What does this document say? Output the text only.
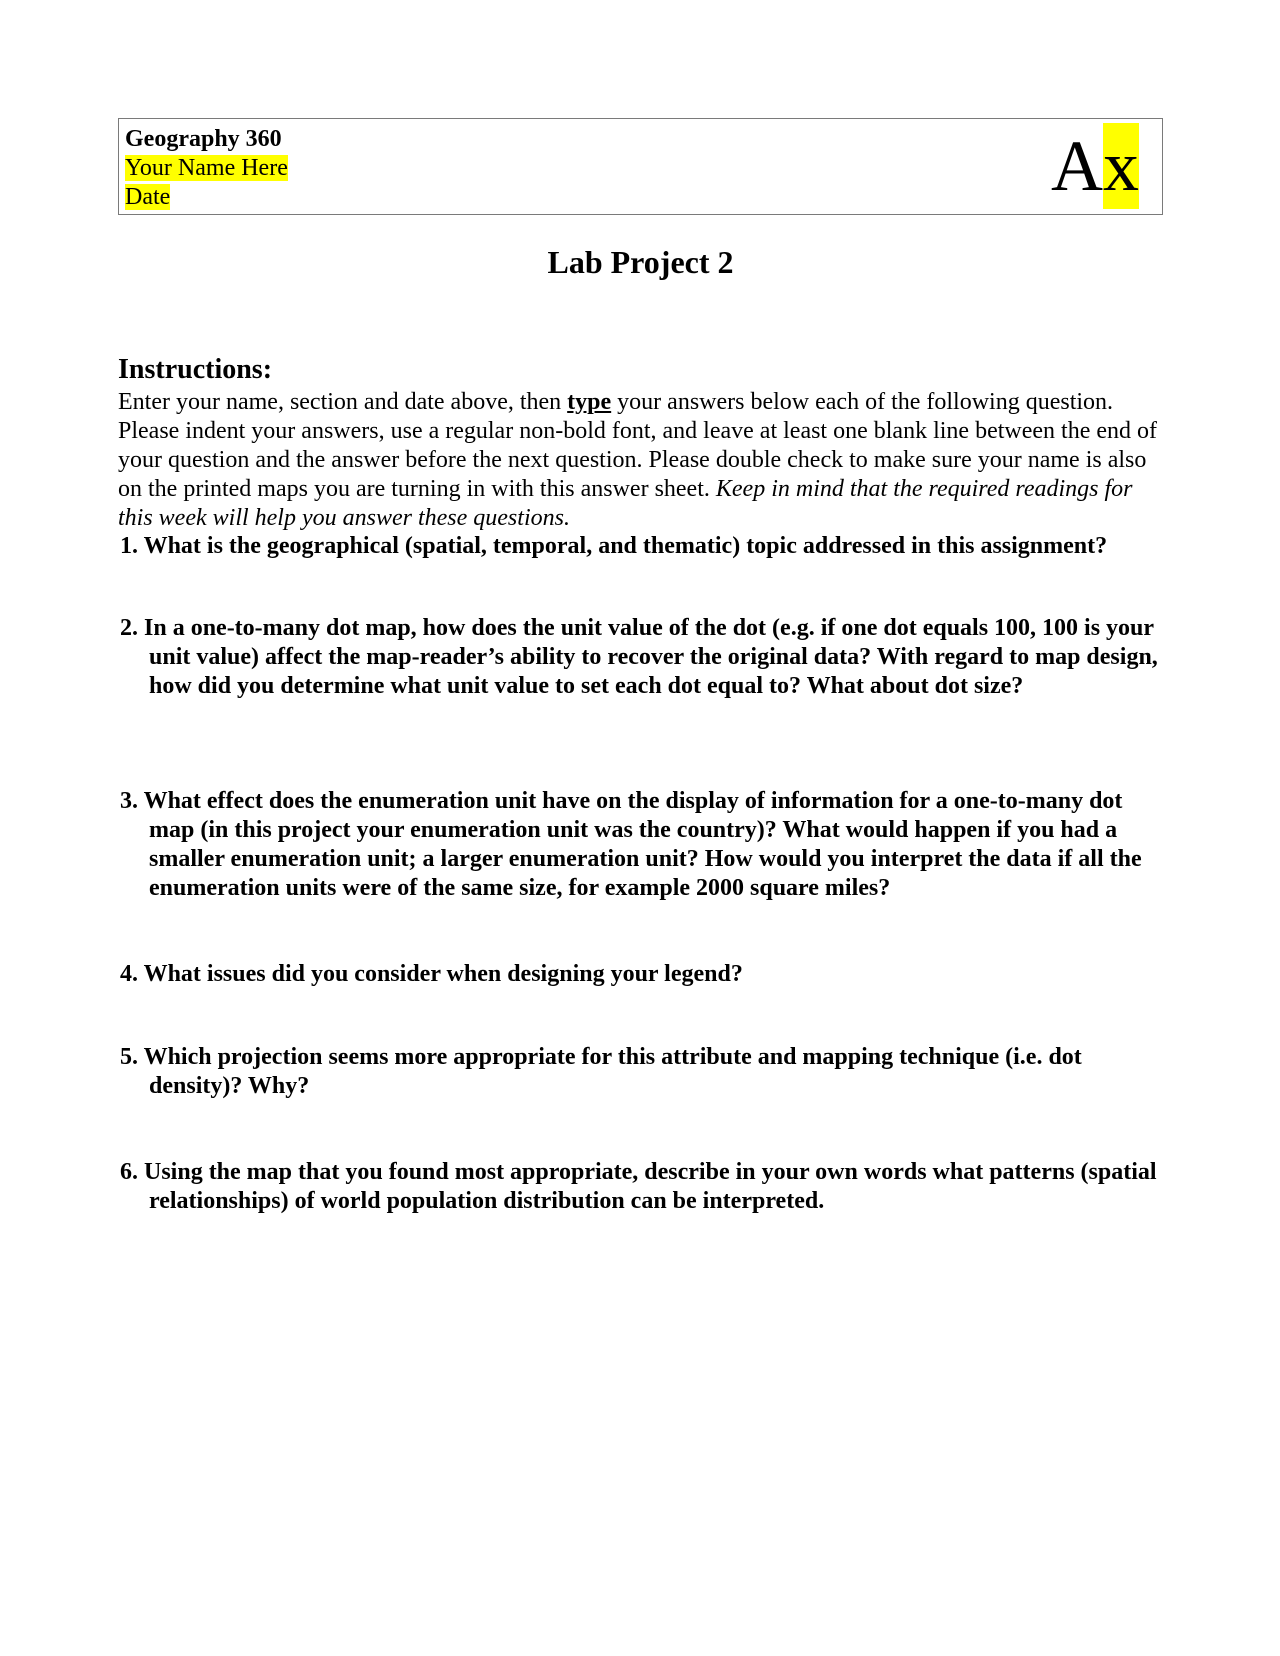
Geography 360
Your Name Here
Date	Ax
Lab Project 2
Instructions:
Enter your name, section and date above, then type your answers below each of the following question. Please indent your answers, use a regular non-bold font, and leave at least one blank line between the end of your question and the answer before the next question. Please double check to make sure your name is also on the printed maps you are turning in with this answer sheet. Keep in mind that the required readings for this week will help you answer these questions.
1. What is the geographical (spatial, temporal, and thematic) topic addressed in this assignment?
2. In a one-to-many dot map, how does the unit value of the dot (e.g. if one dot equals 100, 100 is your unit value) affect the map-reader’s ability to recover the original data? With regard to map design, how did you determine what unit value to set each dot equal to? What about dot size?
3. What effect does the enumeration unit have on the display of information for a one-to-many dot map (in this project your enumeration unit was the country)? What would happen if you had a smaller enumeration unit; a larger enumeration unit? How would you interpret the data if all the enumeration units were of the same size, for example 2000 square miles?
4. What issues did you consider when designing your legend?
5. Which projection seems more appropriate for this attribute and mapping technique (i.e. dot density)? Why?
6. Using the map that you found most appropriate, describe in your own words what patterns (spatial relationships) of world population distribution can be interpreted.
